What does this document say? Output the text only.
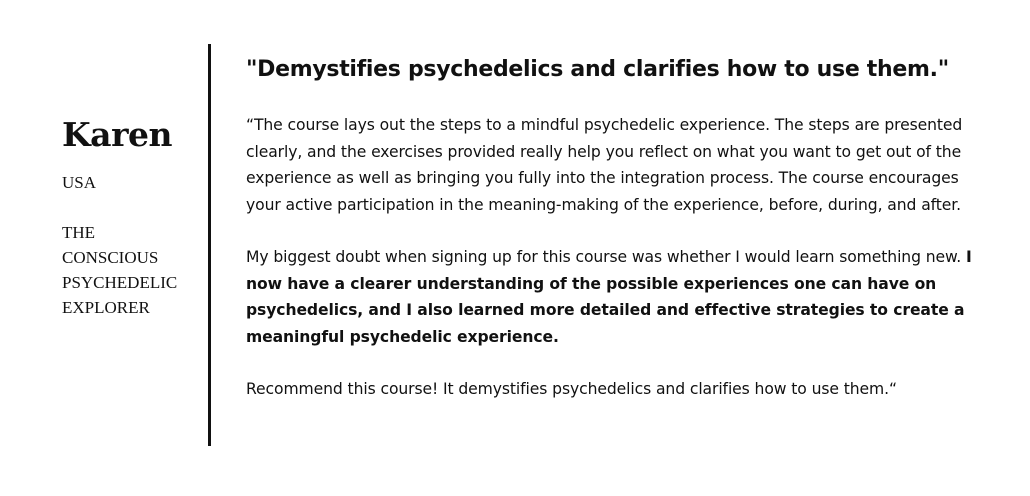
Karen
USA
THE
CONSCIOUS
PSYCHEDELIC
EXPLORER
"Demystifies psychedelics and clarifies how to use them."

“The course lays out the steps to a mindful psychedelic experience. The steps are presented clearly, and the exercises provided really help you reflect on what you want to get out of the experience as well as bringing you fully into the integration process. The course encourages your active participation in the meaning-making of the experience, before, during, and after.

My biggest doubt when signing up for this course was whether I would learn something new. I now have a clearer understanding of the possible experiences one can have on psychedelics, and I also learned more detailed and effective strategies to create a meaningful psychedelic experience.

Recommend this course! It demystifies psychedelics and clarifies how to use them.“
